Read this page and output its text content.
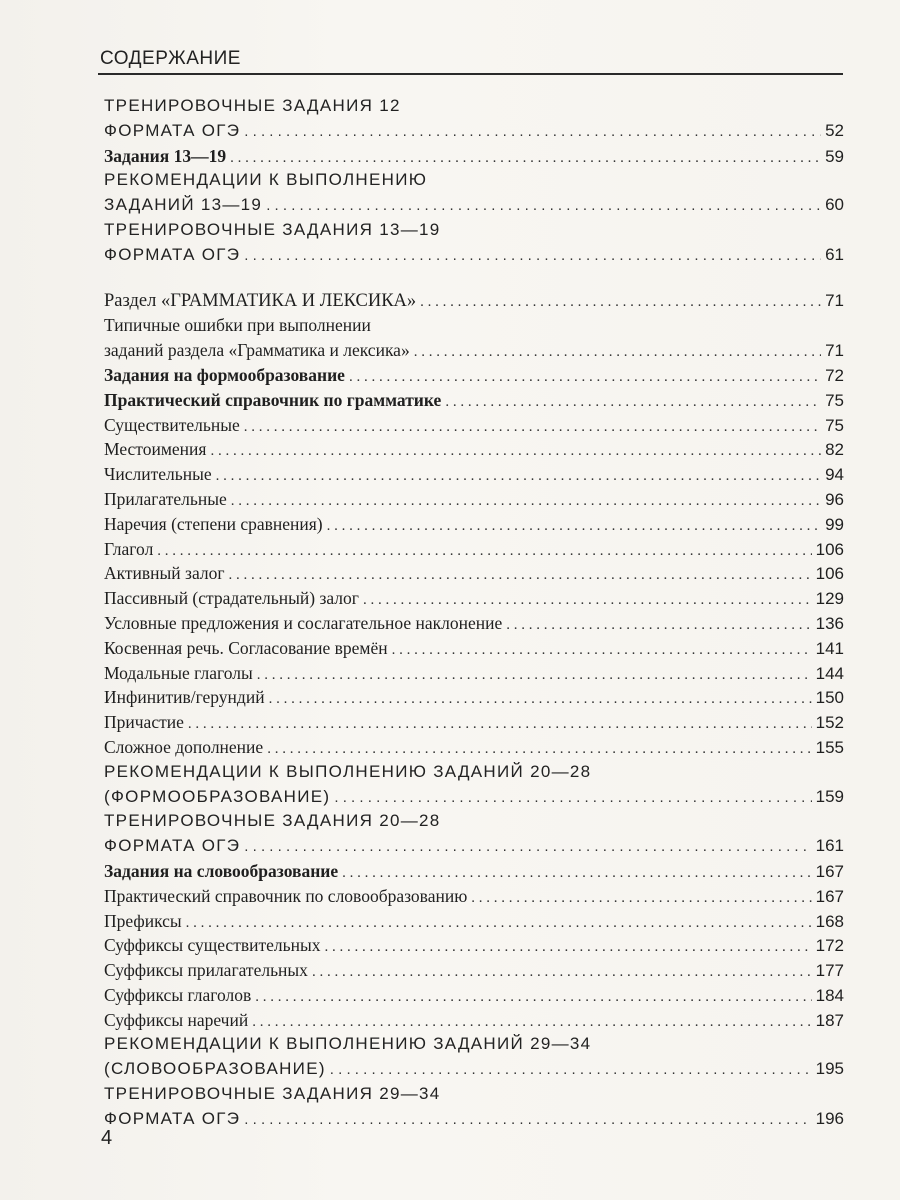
СОДЕРЖАНИЕ
ТРЕНИРОВОЧНЫЕ ЗАДАНИЯ 12
ФОРМАТА ОГЭ . . .	52
Задания 13—19 . . .	59
РЕКОМЕНДАЦИИ К ВЫПОЛНЕНИЮ
ЗАДАНИЙ 13—19 . . .	60
ТРЕНИРОВОЧНЫЕ ЗАДАНИЯ 13—19
ФОРМАТА ОГЭ . . .	61
Раздел «ГРАММАТИКА И ЛЕКСИКА» . . .	71
Типичные ошибки при выполнении
заданий раздела «Грамматика и лексика» . . .	71
Задания на формообразование . . .	72
Практический справочник по грамматике . . .	75
Существительные . . .	75
Местоимения . . .	82
Числительные . . .	94
Прилагательные . . .	96
Наречия (степени сравнения) . . .	99
Глагол . . .	106
Активный залог . . .	106
Пассивный (страдательный) залог . . .	129
Условные предложения и сослагательное наклонение . . .	136
Косвенная речь. Согласование времён . . .	141
Модальные глаголы . . .	144
Инфинитив/герундий . . .	150
Причастие . . .	152
Сложное дополнение . . .	155
РЕКОМЕНДАЦИИ К ВЫПОЛНЕНИЮ ЗАДАНИЙ 20—28
(ФОРМООБРАЗОВАНИЕ) . . .	159
ТРЕНИРОВОЧНЫЕ ЗАДАНИЯ 20—28
ФОРМАТА ОГЭ . . .	161
Задания на словообразование . . .	167
Практический справочник по словообразованию . . .	167
Префиксы . . .	168
Суффиксы существительных . . .	172
Суффиксы прилагательных . . .	177
Суффиксы глаголов . . .	184
Суффиксы наречий . . .	187
РЕКОМЕНДАЦИИ К ВЫПОЛНЕНИЮ ЗАДАНИЙ 29—34
(СЛОВООБРАЗОВАНИЕ) . . .	195
ТРЕНИРОВОЧНЫЕ ЗАДАНИЯ 29—34
ФОРМАТА ОГЭ . . .	196
4
